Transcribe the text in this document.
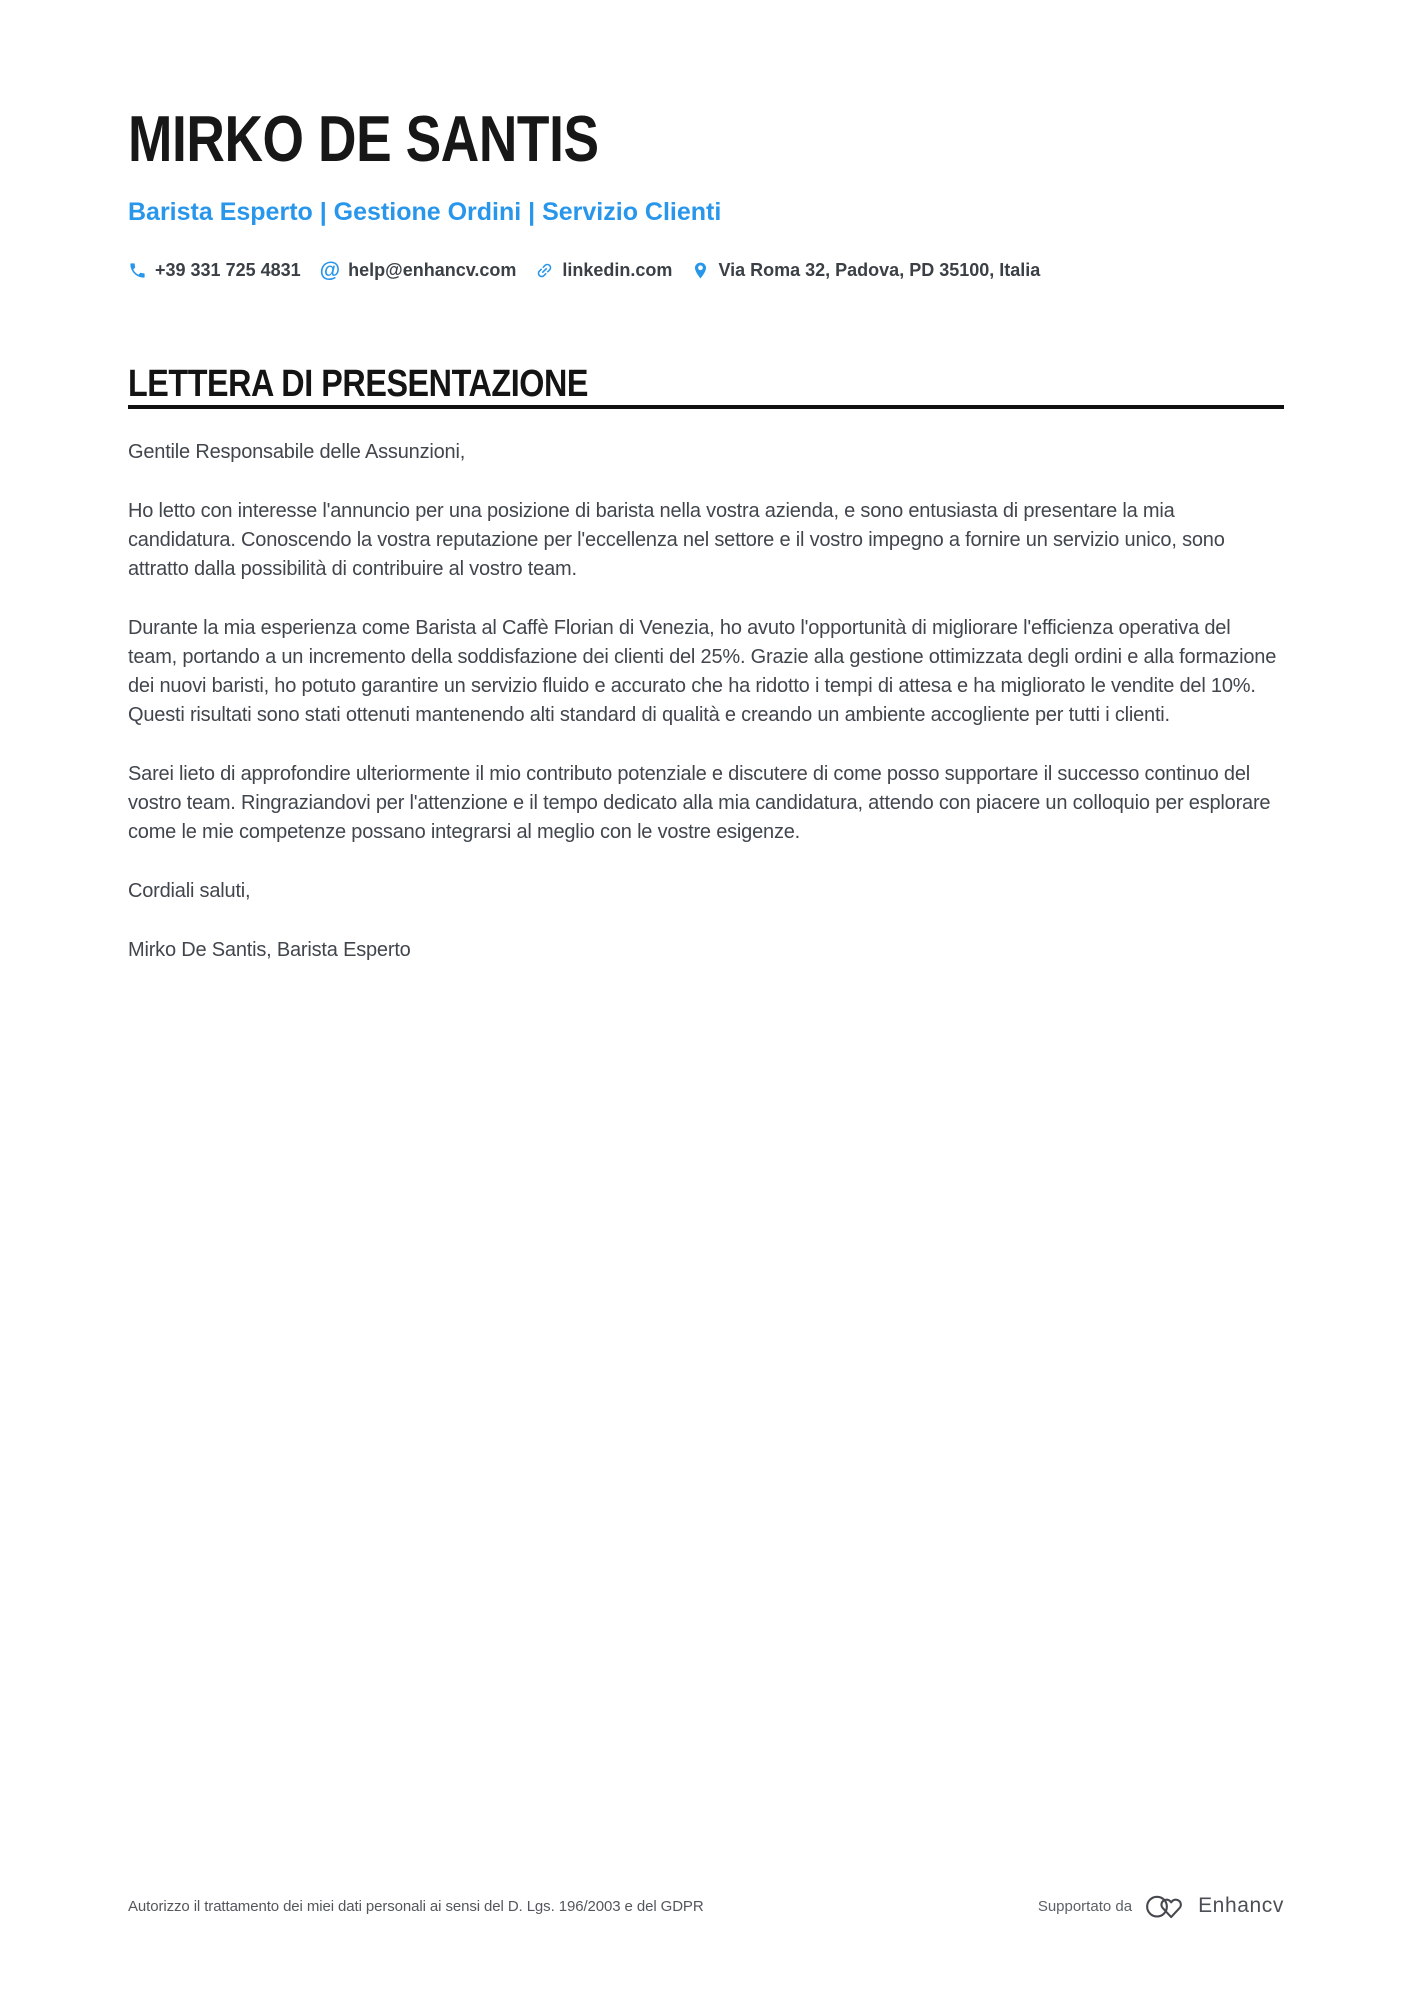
MIRKO DE SANTIS
Barista Esperto | Gestione Ordini | Servizio Clienti
+39 331 725 4831 @ help@enhancv.com	linkedin.com	Via Roma 32, Padova, PD 35100, Italia
LETTERA DI PRESENTAZIONE

Gentile Responsabile delle Assunzioni,

Ho letto con interesse l'annuncio per una posizione di barista nella vostra azienda, e sono entusiasta di presentare la mia candidatura. Conoscendo la vostra reputazione per l'eccellenza nel settore e il vostro impegno a fornire un servizio unico, sono attratto dalla possibilità di contribuire al vostro team.

Durante la mia esperienza come Barista al Caffè Florian di Venezia, ho avuto l'opportunità di migliorare l'efficienza operativa del team, portando a un incremento della soddisfazione dei clienti del 25%. Grazie alla gestione ottimizzata degli ordini e alla formazione dei nuovi baristi, ho potuto garantire un servizio fluido e accurato che ha ridotto i tempi di attesa e ha migliorato le vendite del 10%. Questi risultati sono stati ottenuti mantenendo alti standard di qualità e creando un ambiente accogliente per tutti i clienti.

Sarei lieto di approfondire ulteriormente il mio contributo potenziale e discutere di come posso supportare il successo continuo del vostro team. Ringraziandovi per l'attenzione e il tempo dedicato alla mia candidatura, attendo con piacere un colloquio per esplorare come le mie competenze possano integrarsi al meglio con le vostre esigenze.

Cordiali saluti,

Mirko De Santis, Barista Esperto

Autorizzo il trattamento dei miei dati personali ai sensi del D. Lgs. 196/2003 e del GDPR	Supportato da	Enhancv
